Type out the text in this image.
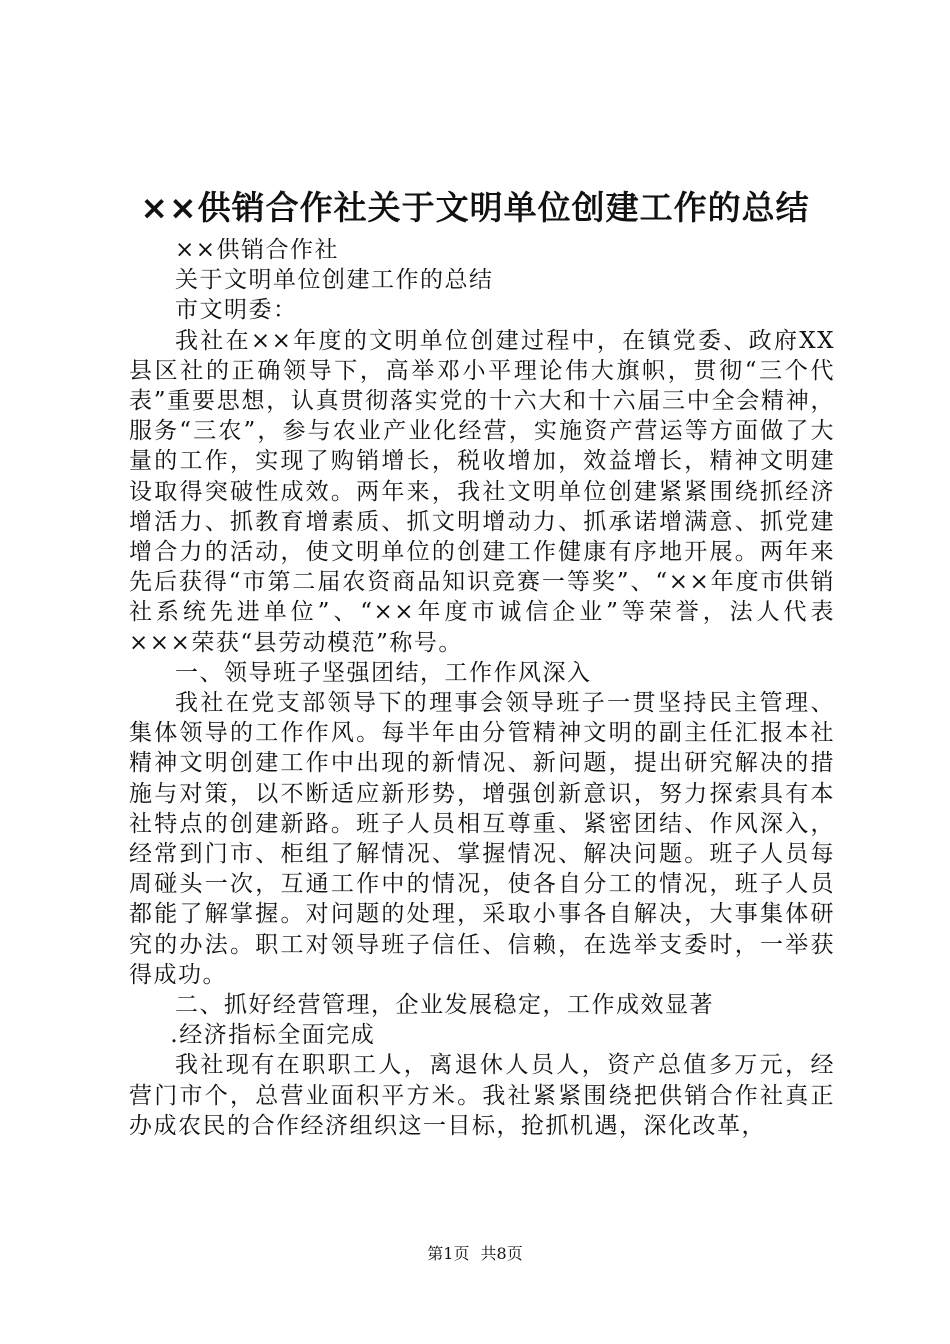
××供销合作社关于文明单位创建工作的总结

××供销合作社

关于文明单位创建工作的总结

市文明委：

我社在××年度的文明单位创建过程中，在镇党委、政府XX县区社的正确领导下，高举邓小平理论伟大旗帜，贯彻“三个代表”重要思想，认真贯彻落实党的十六大和十六届三中全会精神，服务“三农”，参与农业产业化经营，实施资产营运等方面做了大量的工作，实现了购销增长，税收增加，效益增长，精神文明建设取得突破性成效。两年来，我社文明单位创建紧紧围绕抓经济增活力、抓教育增素质、抓文明增动力、抓承诺增满意、抓党建增合力的活动，使文明单位的创建工作健康有序地开展。两年来先后获得“市第二届农资商品知识竞赛一等奖”、“××年度市供销社系统先进单位”、“××年度市诚信企业”等荣誉，法人代表×××荣获“县劳动模范”称号。

一、领导班子坚强团结，工作作风深入

我社在党支部领导下的理事会领导班子一贯坚持民主管理、集体领导的工作作风。每半年由分管精神文明的副主任汇报本社精神文明创建工作中出现的新情况、新问题，提出研究解决的措施与对策，以不断适应新形势，增强创新意识，努力探索具有本社特点的创建新路。班子人员相互尊重、紧密团结、作风深入，经常到门市、柜组了解情况、掌握情况、解决问题。班子人员每周碰头一次，互通工作中的情况，使各自分工的情况，班子人员都能了解掌握。对问题的处理，采取小事各自解决，大事集体研究的办法。职工对领导班子信任、信赖，在选举支委时，一举获得成功。

二、抓好经营管理，企业发展稳定，工作成效显著

.经济指标全面完成

我社现有在职职工人，离退休人员人，资产总值多万元，经营门市个，总营业面积平方米。我社紧紧围绕把供销合作社真正办成农民的合作经济组织这一目标，抢抓机遇，深化改革，

第1页 共8页
